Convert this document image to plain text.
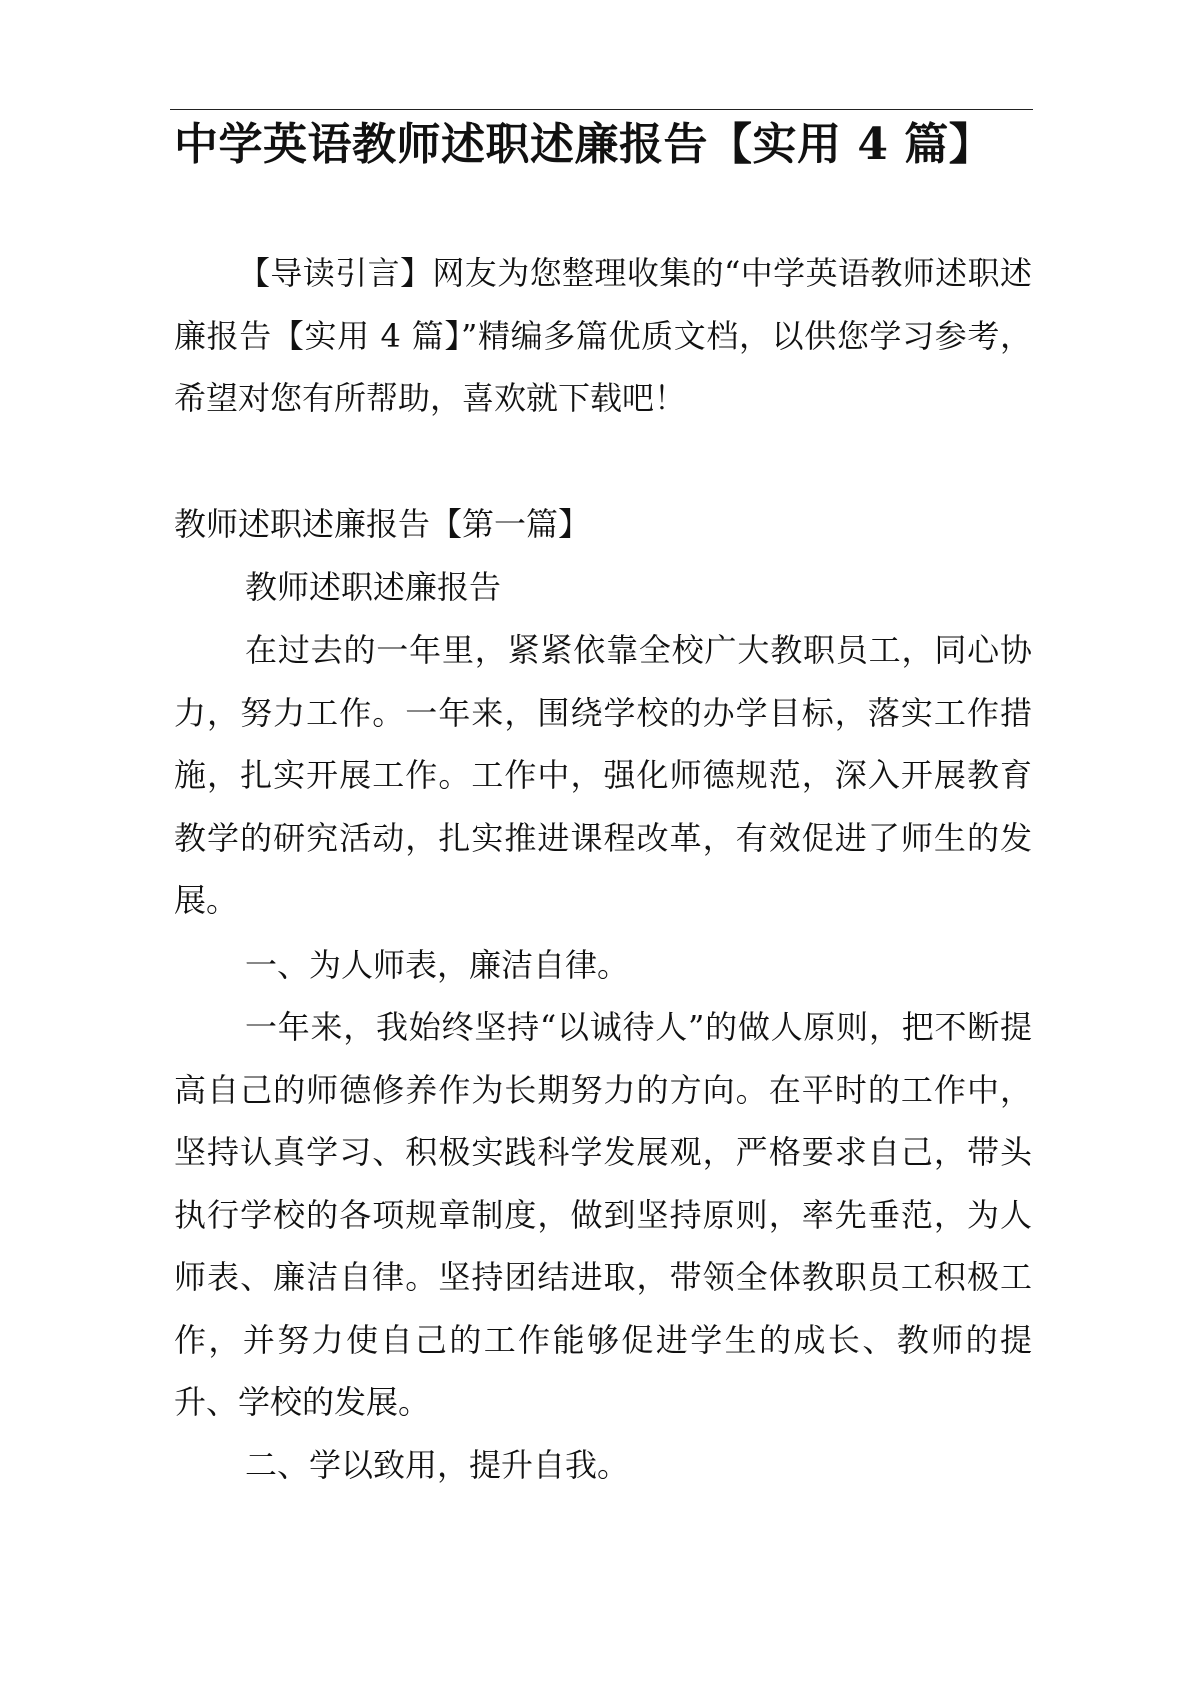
中学英语教师述职述廉报告【实用 4 篇】

【导读引言】网友为您整理收集的“中学英语教师述职述廉报告【实用 4 篇】”精编多篇优质文档，以供您学习参考，希望对您有所帮助，喜欢就下载吧！

教师述职述廉报告【第一篇】

教师述职述廉报告

在过去的一年里，紧紧依靠全校广大教职员工，同心协力，努力工作。一年来，围绕学校的办学目标，落实工作措施，扎实开展工作。工作中，强化师德规范，深入开展教育教学的研究活动，扎实推进课程改革，有效促进了师生的发展。

一、为人师表，廉洁自律。

一年来，我始终坚持“以诚待人”的做人原则，把不断提高自己的师德修养作为长期努力的方向。在平时的工作中，坚持认真学习、积极实践科学发展观，严格要求自己，带头执行学校的各项规章制度，做到坚持原则，率先垂范，为人师表、廉洁自律。坚持团结进取，带领全体教职员工积极工作，并努力使自己的工作能够促进学生的成长、教师的提升、学校的发展。

二、学以致用，提升自我。
